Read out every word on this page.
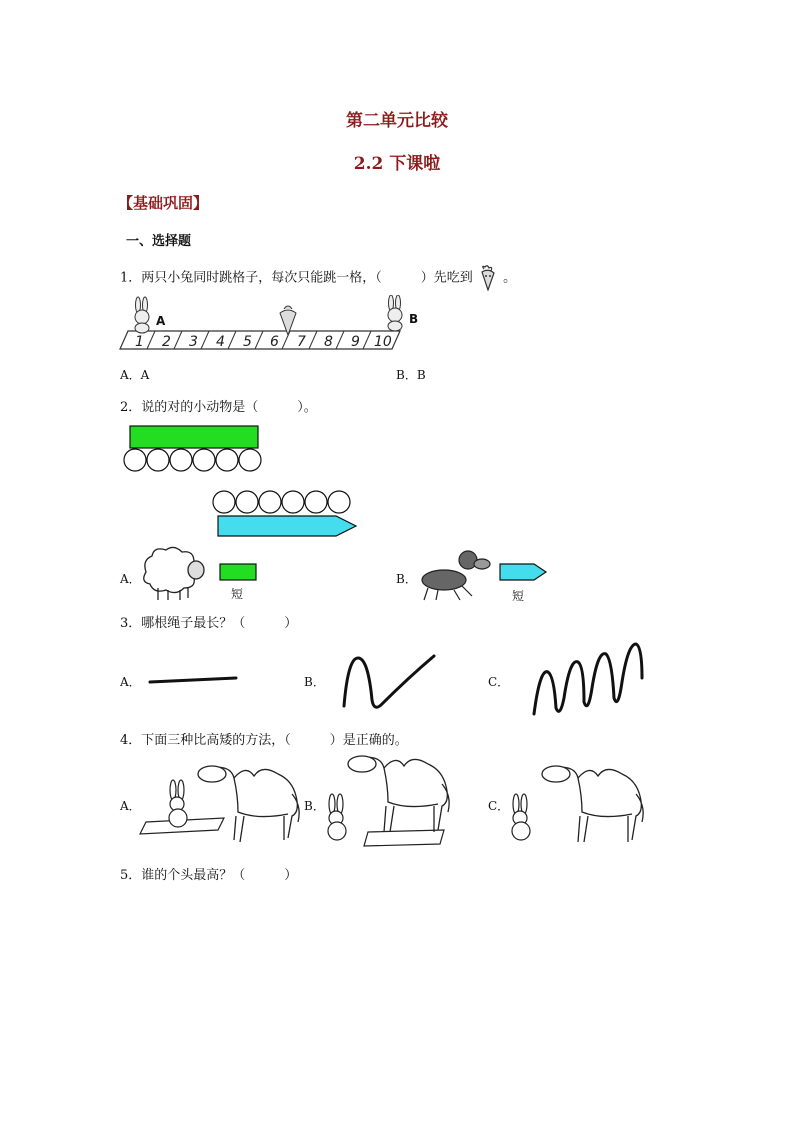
第二单元比较
2.2 下课啦
【基础巩固】
一、选择题
1．两只小兔同时跳格子，每次只能跳一格，（　　　）先吃到 。
1 2 3 4 5 6 7 8 9 10
A	B
A．A	B．B
2．说的对的小动物是（　　　）。
A．
短
B．
短
3．哪根绳子最长？（　　　）
A．	B．	C．
4．下面三种比高矮的方法，（　　　）是正确的。
A．	B．	C．
5．谁的个头最高？（　　　）
